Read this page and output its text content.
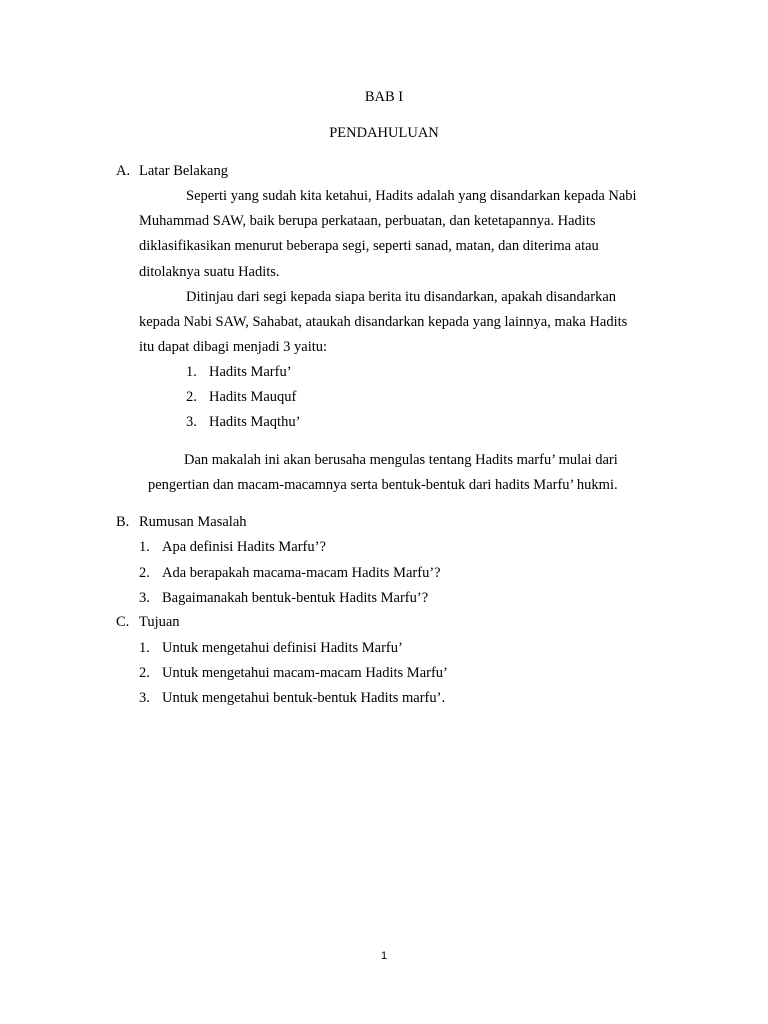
BAB I
PENDAHULUAN
A. Latar Belakang
Seperti yang sudah kita ketahui, Hadits adalah yang disandarkan kepada Nabi
Muhammad SAW, baik berupa perkataan, perbuatan, dan ketetapannya. Hadits
diklasifikasikan menurut beberapa segi, seperti sanad, matan, dan diterima atau
ditolaknya suatu Hadits.
Ditinjau dari segi kepada siapa berita itu disandarkan, apakah disandarkan
kepada Nabi SAW, Sahabat, ataukah disandarkan kepada yang lainnya, maka Hadits
itu dapat dibagi menjadi 3 yaitu:
1. Hadits Marfu’
2. Hadits Mauquf
3. Hadits Maqthu’
Dan makalah ini akan berusaha mengulas tentang Hadits marfu’ mulai dari
pengertian dan macam-macamnya serta bentuk-bentuk dari hadits Marfu’ hukmi.
B. Rumusan Masalah
1. Apa definisi Hadits Marfu’?
2. Ada berapakah macama-macam Hadits Marfu’?
3. Bagaimanakah bentuk-bentuk Hadits Marfu’?
C. Tujuan
1. Untuk mengetahui definisi Hadits Marfu’
2. Untuk mengetahui macam-macam Hadits Marfu’
3. Untuk mengetahui bentuk-bentuk Hadits marfu’.
1
